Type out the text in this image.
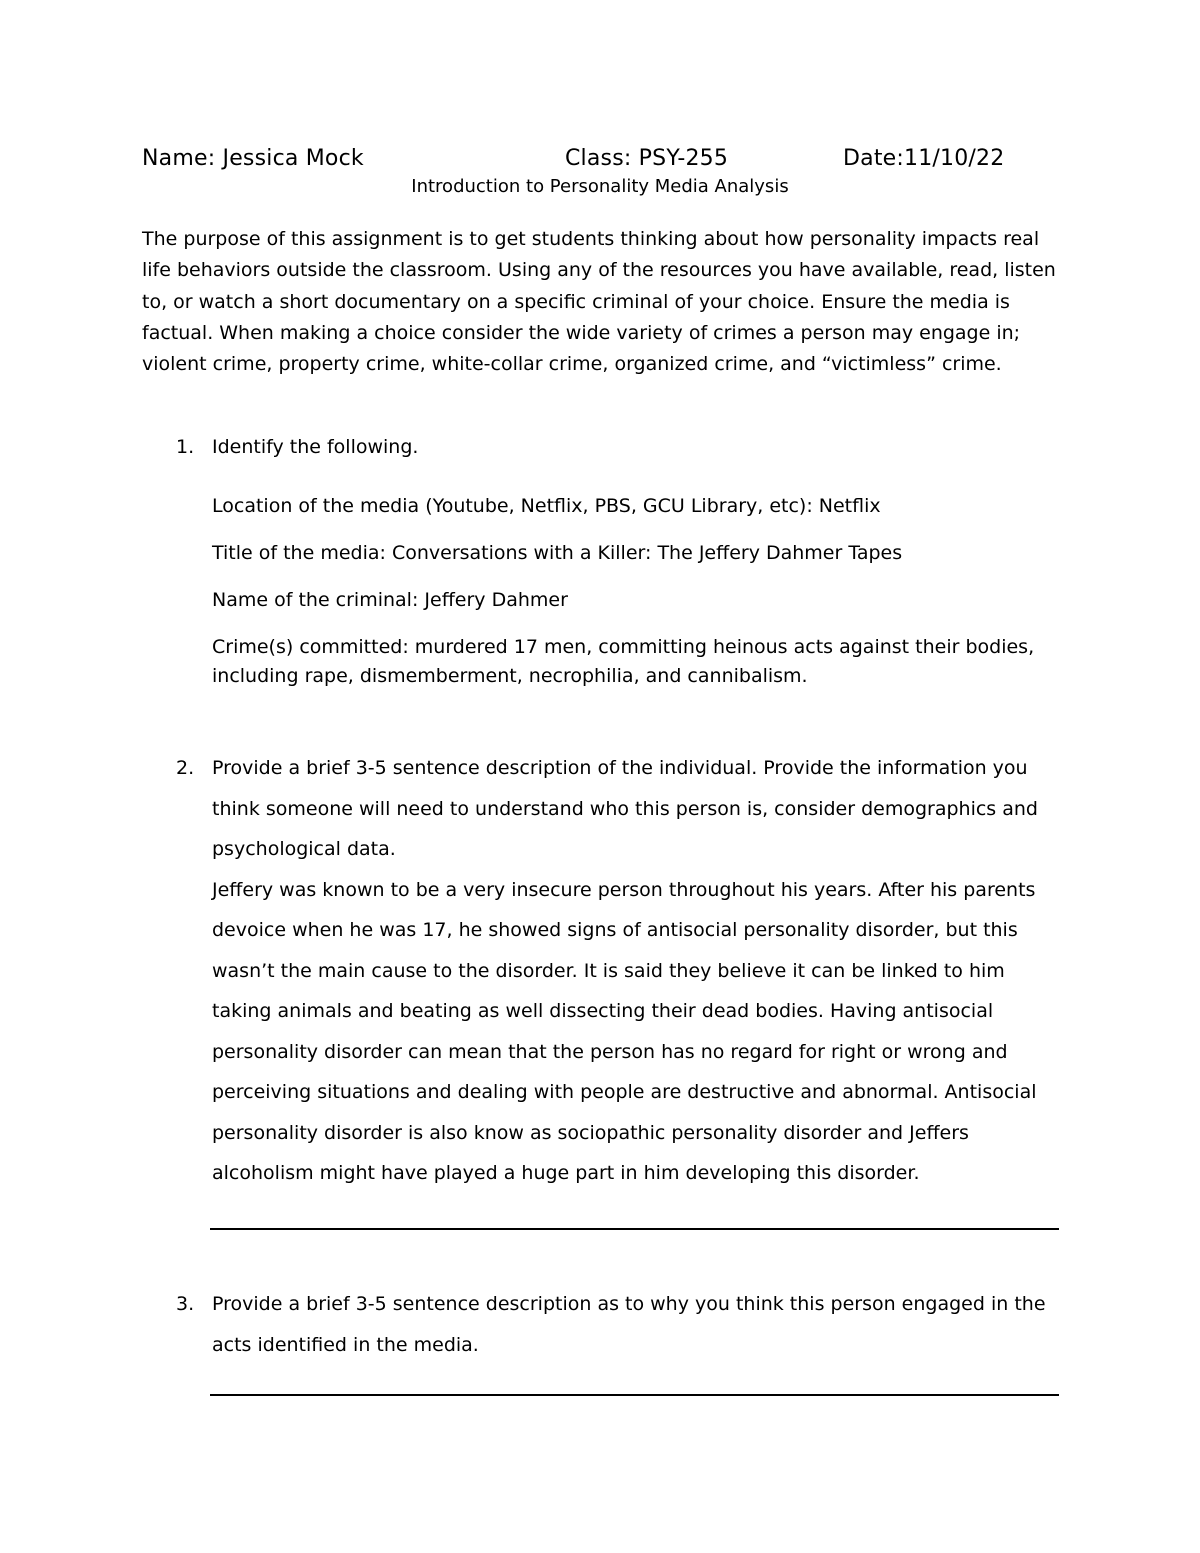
Name: Jessica Mock	Class: PSY-255	Date:11/10/22
Introduction to Personality Media Analysis

The purpose of this assignment is to get students thinking about how personality impacts real life behaviors outside the classroom. Using any of the resources you have available, read, listen to, or watch a short documentary on a specific criminal of your choice. Ensure the media is factual. When making a choice consider the wide variety of crimes a person may engage in; violent crime, property crime, white-collar crime, organized crime, and “victimless” crime.

1. Identify the following.

Location of the media (Youtube, Netflix, PBS, GCU Library, etc): Netflix

Title of the media: Conversations with a Killer: The Jeffery Dahmer Tapes

Name of the criminal: Jeffery Dahmer

Crime(s) committed: murdered 17 men, committing heinous acts against their bodies, including rape, dismemberment, necrophilia, and cannibalism.

2. Provide a brief 3-5 sentence description of the individual. Provide the information you think someone will need to understand who this person is, consider demographics and psychological data.

Jeffery was known to be a very insecure person throughout his years. After his parents devoice when he was 17, he showed signs of antisocial personality disorder, but this wasn’t the main cause to the disorder. It is said they believe it can be linked to him taking animals and beating as well dissecting their dead bodies. Having antisocial personality disorder can mean that the person has no regard for right or wrong and perceiving situations and dealing with people are destructive and abnormal. Antisocial personality disorder is also know as sociopathic personality disorder and Jeffers alcoholism might have played a huge part in him developing this disorder.

3. Provide a brief 3-5 sentence description as to why you think this person engaged in the acts identified in the media.
